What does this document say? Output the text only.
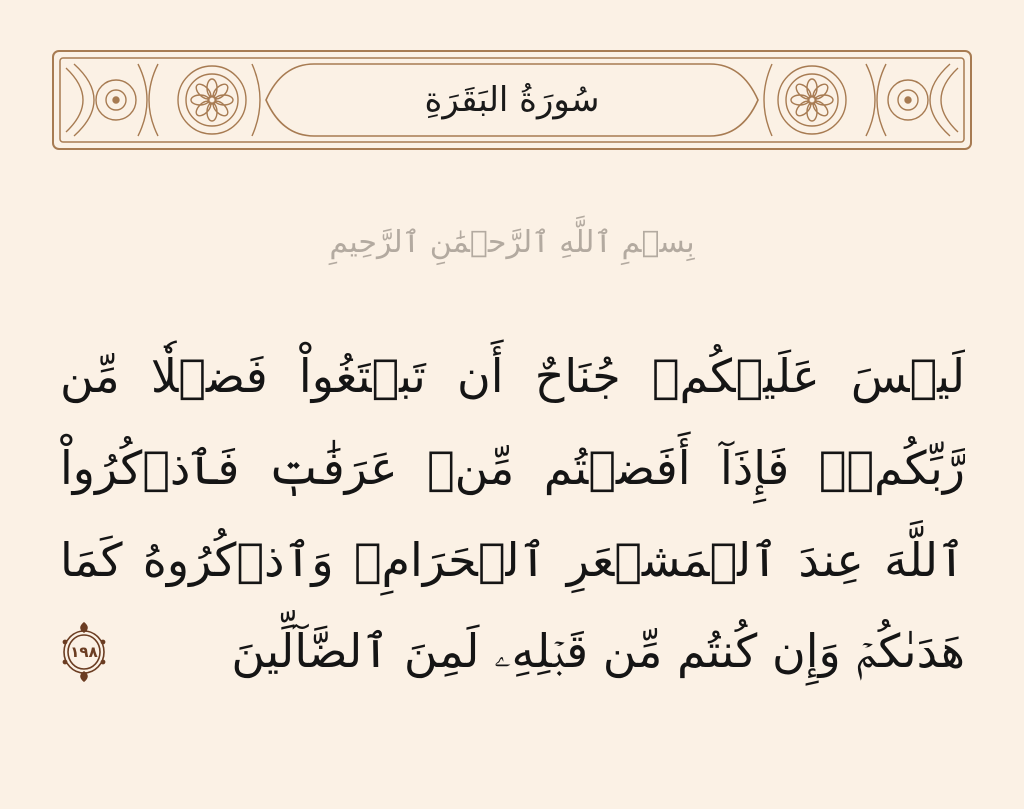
سُورَةُ البَقَرَةِ
بِسۡمِ ٱللَّهِ ٱلرَّحۡمَٰنِ ٱلرَّحِيمِ
لَيۡسَ عَلَيۡكُمۡ جُنَاحٌ أَن تَبۡتَغُواْ فَضۡلٗا مِّن
رَّبِّكُمۡۚ فَإِذَآ أَفَضۡتُم مِّنۡ عَرَفَٰتٖ فَٱذۡكُرُواْ
ٱللَّهَ عِندَ ٱلۡمَشۡعَرِ ٱلۡحَرَامِۖ وَٱذۡكُرُوهُ كَمَا
هَدَىٰكُمۡ وَإِن كُنتُم مِّن قَبۡلِهِۦ لَمِنَ ٱلضَّآلِّينَ
١٩٨
